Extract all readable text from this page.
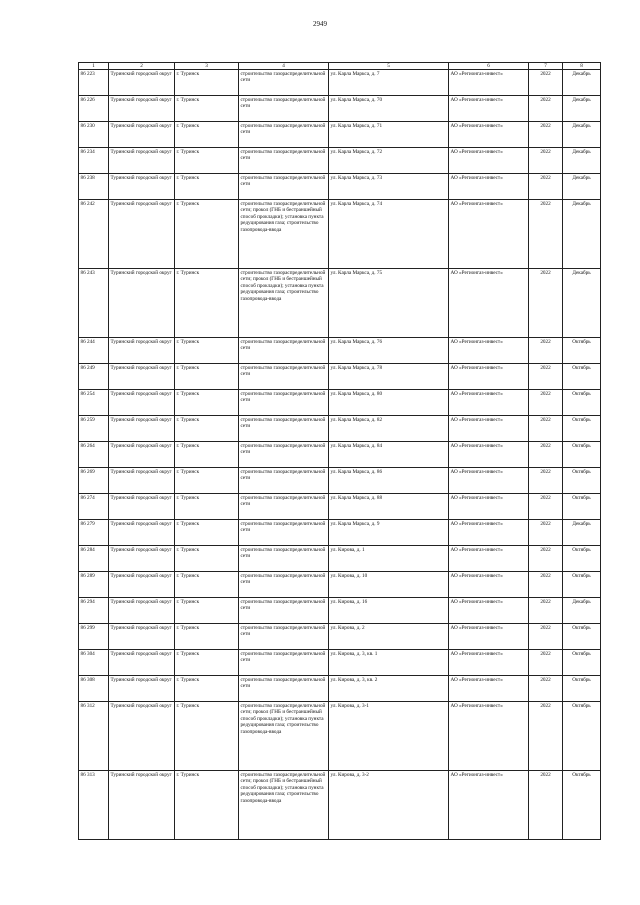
2949
1	2	3	4	5	6	7	8
86 223	Туринский городской округ	г. Туринск	строительство газораспределительной сети	ул. Карла Маркса, д. 7	АО «Регионгаз-инвест»	2022	Декабрь
86 226	Туринский городской округ	г. Туринск	строительство газораспределительной сети	ул. Карла Маркса, д. 70	АО «Регионгаз-инвест»	2022	Декабрь
86 230	Туринский городской округ	г. Туринск	строительство газораспределительной сети	ул. Карла Маркса, д. 71	АО «Регионгаз-инвест»	2022	Декабрь
86 234	Туринский городской округ	г. Туринск	строительство газораспределительной сети	ул. Карла Маркса, д. 72	АО «Регионгаз-инвест»	2022	Декабрь
86 238	Туринский городской округ	г. Туринск	строительство газораспределительной сети	ул. Карла Маркса, д. 73	АО «Регионгаз-инвест»	2022	Декабрь
86 242	Туринский городской округ	г. Туринск	строительство газораспределительной сети; прокол (ГНБ и бестраншейный способ прокладки); установка пункта редуцирования газа; строительство газопровода-ввода	ул. Карла Маркса, д. 74	АО «Регионгаз-инвест»	2022	Декабрь
86 243	Туринский городской округ	г. Туринск	строительство газораспределительной сети; прокол (ГНБ и бестраншейный способ прокладки); установка пункта редуцирования газа; строительство газопровода-ввода	ул. Карла Маркса, д. 75	АО «Регионгаз-инвест»	2022	Декабрь
86 244	Туринский городской округ	г. Туринск	строительство газораспределительной сети	ул. Карла Маркса, д. 76	АО «Регионгаз-инвест»	2022	Октябрь
86 249	Туринский городской округ	г. Туринск	строительство газораспределительной сети	ул. Карла Маркса, д. 78	АО «Регионгаз-инвест»	2022	Октябрь
86 254	Туринский городской округ	г. Туринск	строительство газораспределительной сети	ул. Карла Маркса, д. 80	АО «Регионгаз-инвест»	2022	Октябрь
86 259	Туринский городской округ	г. Туринск	строительство газораспределительной сети	ул. Карла Маркса, д. 82	АО «Регионгаз-инвест»	2022	Октябрь
86 264	Туринский городской округ	г. Туринск	строительство газораспределительной сети	ул. Карла Маркса, д. 84	АО «Регионгаз-инвест»	2022	Октябрь
86 269	Туринский городской округ	г. Туринск	строительство газораспределительной сети	ул. Карла Маркса, д. 86	АО «Регионгаз-инвест»	2022	Октябрь
86 274	Туринский городской округ	г. Туринск	строительство газораспределительной сети	ул. Карла Маркса, д. 88	АО «Регионгаз-инвест»	2022	Октябрь
86 279	Туринский городской округ	г. Туринск	строительство газораспределительной сети	ул. Карла Маркса, д. 9	АО «Регионгаз-инвест»	2022	Декабрь
86 284	Туринский городской округ	г. Туринск	строительство газораспределительной сети	ул. Кирова, д. 1	АО «Регионгаз-инвест»	2022	Октябрь
86 289	Туринский городской округ	г. Туринск	строительство газораспределительной сети	ул. Кирова, д. 10	АО «Регионгаз-инвест»	2022	Октябрь
86 294	Туринский городской округ	г. Туринск	строительство газораспределительной сети	ул. Кирова, д. 16	АО «Регионгаз-инвест»	2022	Декабрь
86 299	Туринский городской округ	г. Туринск	строительство газораспределительной сети	ул. Кирова, д. 2	АО «Регионгаз-инвест»	2022	Октябрь
86 304	Туринский городской округ	г. Туринск	строительство газораспределительной сети	ул. Кирова, д. 3, кв. 1	АО «Регионгаз-инвест»	2022	Октябрь
86 308	Туринский городской округ	г. Туринск	строительство газораспределительной сети	ул. Кирова, д. 3, кв. 2	АО «Регионгаз-инвест»	2022	Октябрь
86 312	Туринский городской округ	г. Туринск	строительство газораспределительной сети; прокол (ГНБ и бестраншейный способ прокладки); установка пункта редуцирования газа; строительство газопровода-ввода	ул. Кирова, д. 3-1	АО «Регионгаз-инвест»	2022	Октябрь
86 313	Туринский городской округ	г. Туринск	строительство газораспределительной сети; прокол (ГНБ и бестраншейный способ прокладки); установка пункта редуцирования газа; строительство газопровода-ввода	ул. Кирова, д. 3-2	АО «Регионгаз-инвест»	2022	Октябрь
